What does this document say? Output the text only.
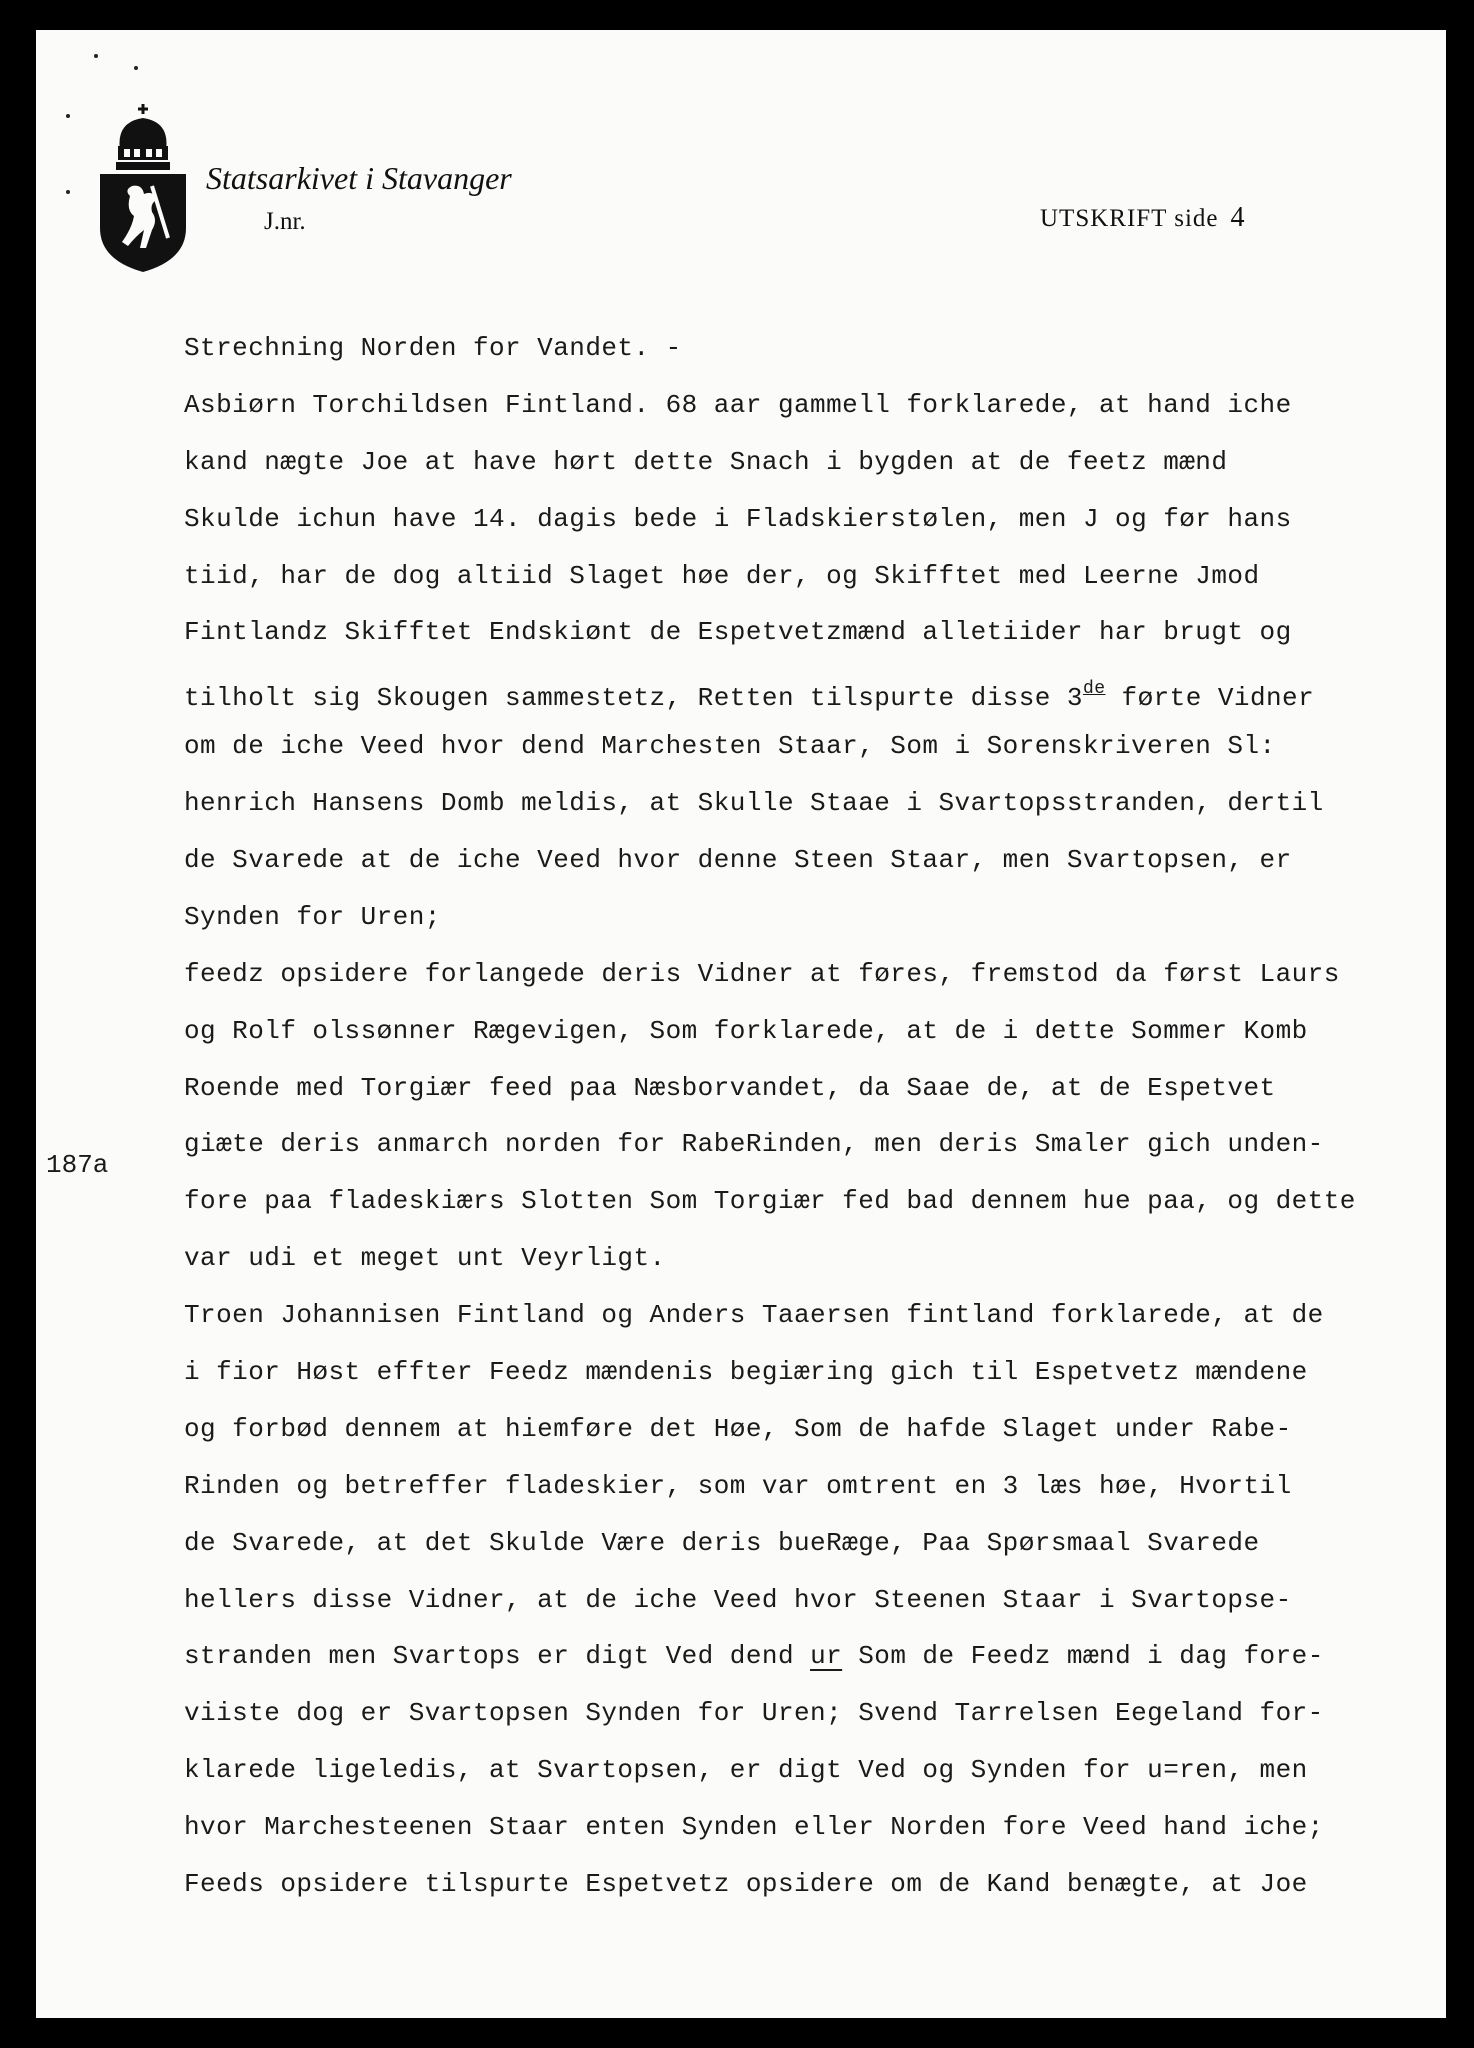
Statsarkivet i Stavanger
J.nr.	UTSKRIFT side 4
187a
Strechning Norden for Vandet. -
Asbiørn Torchildsen Fintland. 68 aar gammell forklarede, at hand iche
kand nægte Joe at have hørt dette Snach i bygden at de feetz mænd
Skulde ichun have 14. dagis bede i Fladskierstølen, men J og før hans
tiid, har de dog altiid Slaget høe der, og Skifftet med Leerne Jmod
Fintlandz Skifftet Endskiønt de Espetvetzmænd alletiider har brugt og
tilholt sig Skougen sammestetz, Retten tilspurte disse 3de førte Vidner
om de iche Veed hvor dend Marchesten Staar, Som i Sorenskriveren Sl:
henrich Hansens Domb meldis, at Skulle Staae i Svartopsstranden, dertil
de Svarede at de iche Veed hvor denne Steen Staar, men Svartopsen, er
Synden for Uren;
feedz opsidere forlangede deris Vidner at føres, fremstod da først Laurs
og Rolf olssønner Rægevigen, Som forklarede, at de i dette Sommer Komb
Roende med Torgiær feed paa Næsborvandet, da Saae de, at de Espetvet
giæte deris anmarch norden for RabeRinden, men deris Smaler gich unden-
fore paa fladeskiærs Slotten Som Torgiær fed bad dennem hue paa, og dette
var udi et meget unt Veyrligt.
Troen Johannisen Fintland og Anders Taaersen fintland forklarede, at de
i fior Høst effter Feedz mændenis begiæring gich til Espetvetz mændene
og forbød dennem at hiemføre det Høe, Som de hafde Slaget under Rabe-
Rinden og betreffer fladeskier, som var omtrent en 3 læs høe, Hvortil
de Svarede, at det Skulde Være deris bueRæge, Paa Spørsmaal Svarede
hellers disse Vidner, at de iche Veed hvor Steenen Staar i Svartopse-
stranden men Svartops er digt Ved dend ur Som de Feedz mænd i dag fore-
viiste dog er Svartopsen Synden for Uren; Svend Tarrelsen Eegeland for-
klarede ligeledis, at Svartopsen, er digt Ved og Synden for u=ren, men
hvor Marchesteenen Staar enten Synden eller Norden fore Veed hand iche;
Feeds opsidere tilspurte Espetvetz opsidere om de Kand benægte, at Joe
